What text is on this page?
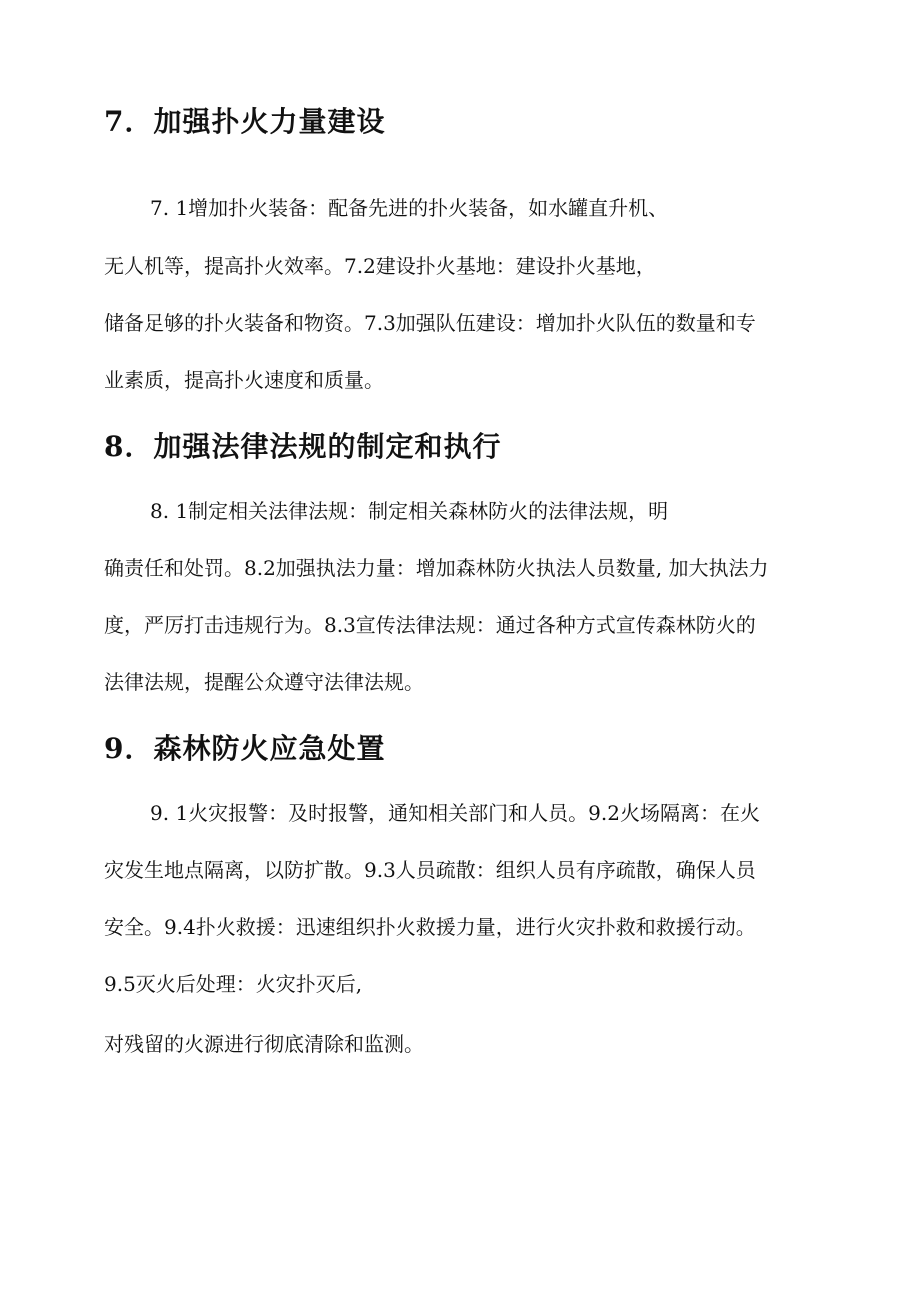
7．加强扑火力量建设

7. 1增加扑火装备：配备先进的扑火装备，如水罐直升机、

无人机等，提高扑火效率。7.2建设扑火基地：建设扑火基地，

储备足够的扑火装备和物资。7.3加强队伍建设：增加扑火队伍的数量和专

业素质，提高扑火速度和质量。

8．加强法律法规的制定和执行

8. 1制定相关法律法规：制定相关森林防火的法律法规，明

确责任和处罚。8.2加强执法力量：增加森林防火执法人员数量, 加大执法力

度，严厉打击违规行为。8.3宣传法律法规：通过各种方式宣传森林防火的

法律法规，提醒公众遵守法律法规。

9．森林防火应急处置

9. 1火灾报警：及时报警，通知相关部门和人员。9.2火场隔离：在火

灾发生地点隔离，以防扩散。9.3人员疏散：组织人员有序疏散，确保人员

安全。9.4扑火救援：迅速组织扑火救援力量，进行火灾扑救和救援行动。

9.5灭火后处理：火灾扑灭后,

对残留的火源进行彻底清除和监测。
